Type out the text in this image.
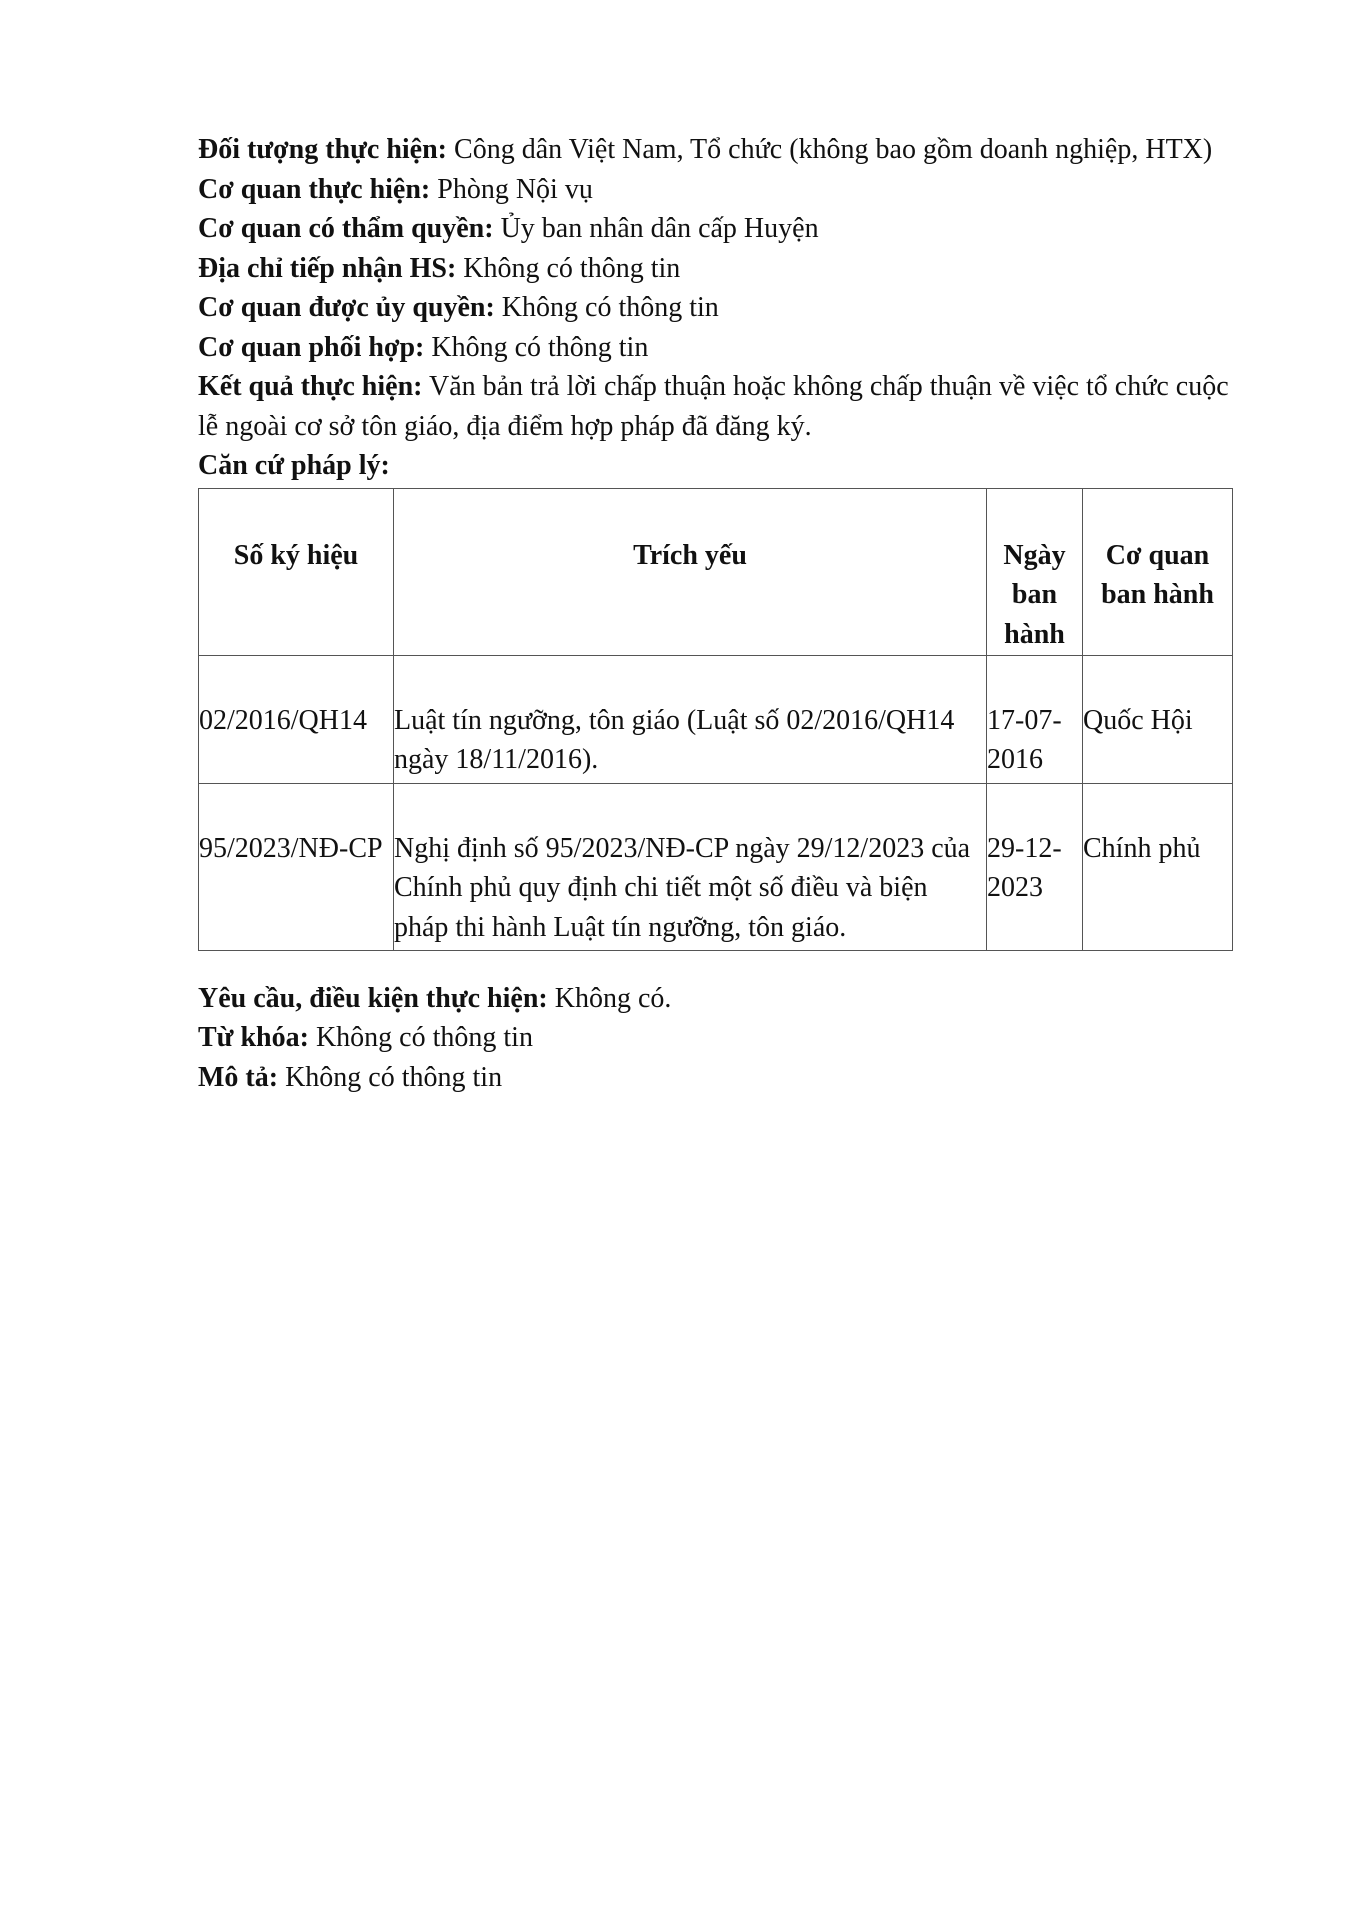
Đối tượng thực hiện: Công dân Việt Nam, Tổ chức (không bao gồm doanh nghiệp, HTX)

Cơ quan thực hiện: Phòng Nội vụ

Cơ quan có thẩm quyền: Ủy ban nhân dân cấp Huyện

Địa chỉ tiếp nhận HS: Không có thông tin

Cơ quan được ủy quyền: Không có thông tin

Cơ quan phối hợp: Không có thông tin

Kết quả thực hiện: Văn bản trả lời chấp thuận hoặc không chấp thuận về việc tổ chức cuộc lễ ngoài cơ sở tôn giáo, địa điểm hợp pháp đã đăng ký.

Căn cứ pháp lý:

Số ký hiệu	Trích yếu	Ngày ban hành	Cơ quan ban hành
02/2016/QH14	Luật tín ngưỡng, tôn giáo (Luật số 02/2016/QH14 ngày 18/11/2016).	17-07-2016	Quốc Hội
95/2023/NĐ-CP	Nghị định số 95/2023/NĐ-CP ngày 29/12/2023 của Chính phủ quy định chi tiết một số điều và biện pháp thi hành Luật tín ngưỡng, tôn giáo.	29-12-2023	Chính phủ

Yêu cầu, điều kiện thực hiện: Không có.

Từ khóa: Không có thông tin

Mô tả: Không có thông tin
